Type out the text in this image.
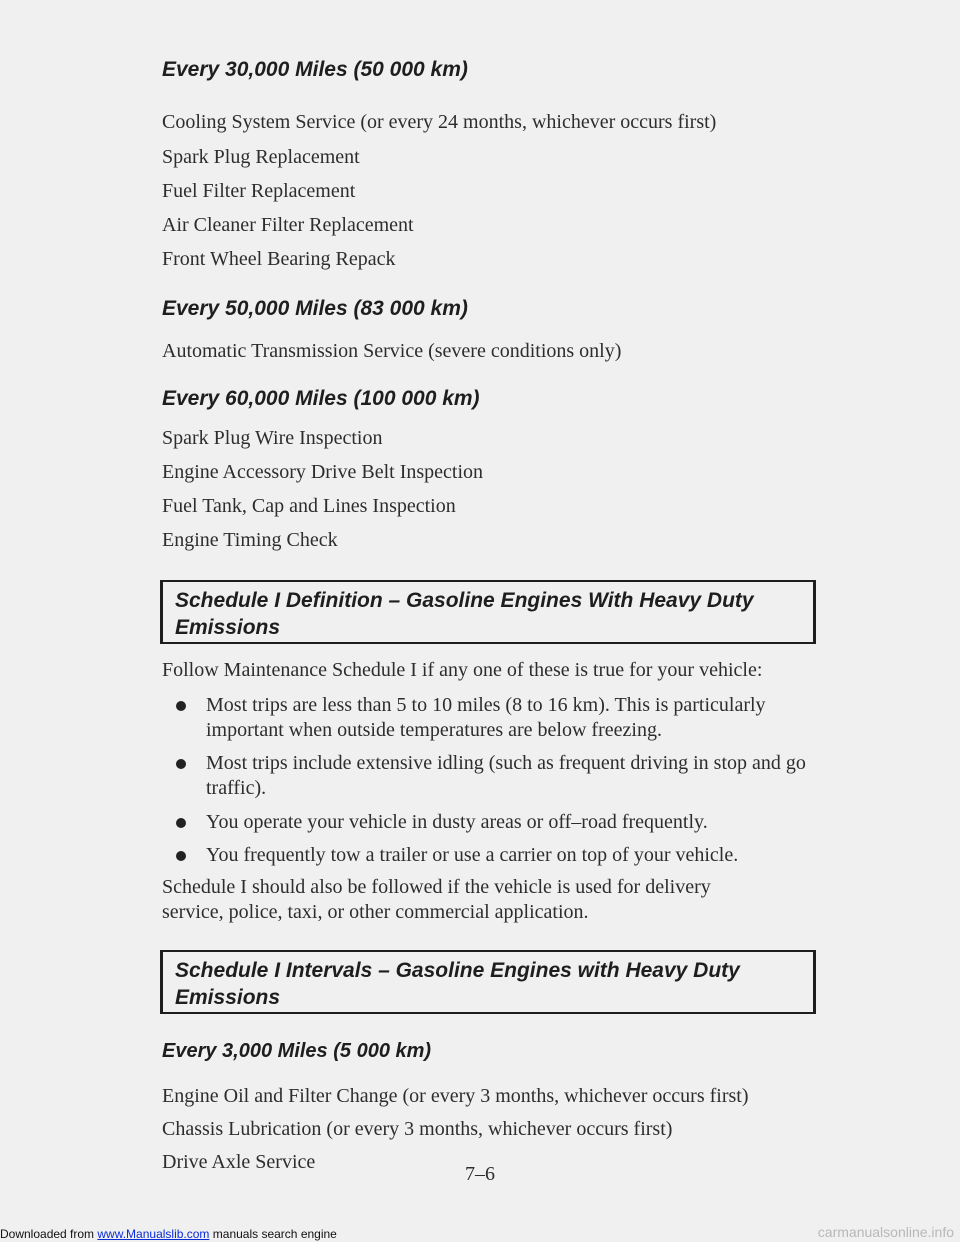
Every 30,000 Miles (50 000 km)
Cooling System Service (or every 24 months, whichever occurs first)
Spark Plug Replacement
Fuel Filter Replacement
Air Cleaner Filter Replacement
Front Wheel Bearing Repack
Every 50,000 Miles (83 000 km)
Automatic Transmission Service (severe conditions only)
Every 60,000 Miles (100 000 km)
Spark Plug Wire Inspection
Engine Accessory Drive Belt Inspection
Fuel Tank, Cap and Lines Inspection
Engine Timing Check
Schedule I Definition – Gasoline Engines With Heavy Duty Emissions
Follow Maintenance Schedule I if any one of these is true for your vehicle:
Most trips are less than 5 to 10 miles (8 to 16 km). This is particularly important when outside temperatures are below freezing.
Most trips include extensive idling (such as frequent driving in stop and go traffic).
You operate your vehicle in dusty areas or off–road frequently.
You frequently tow a trailer or use a carrier on top of your vehicle.
Schedule I should also be followed if the vehicle is used for delivery service, police, taxi, or other commercial application.
Schedule I Intervals – Gasoline Engines with Heavy Duty Emissions
Every 3,000 Miles (5 000 km)
Engine Oil and Filter Change (or every 3 months, whichever occurs first)
Chassis Lubrication (or every 3 months, whichever occurs first)
Drive Axle Service
7–6
Downloaded from www.Manualslib.com manuals search engine	carmanualsonline.info
